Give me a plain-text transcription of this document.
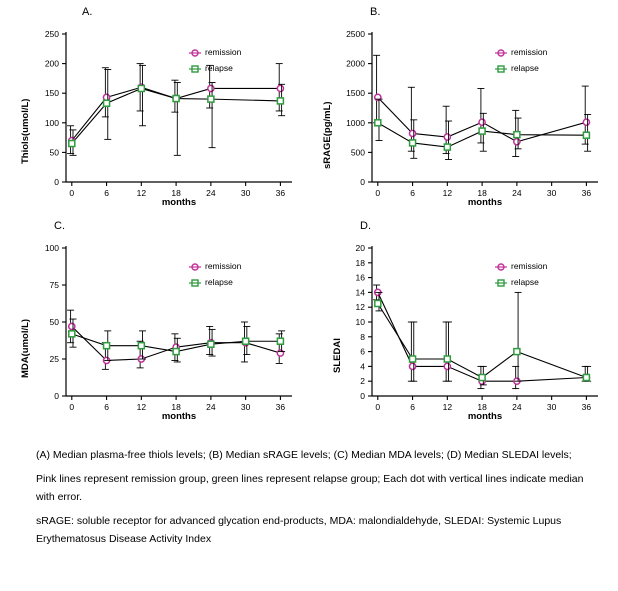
A.
0
50
100
150
200
250
0	6	12	18	24	30	36
remission
relapse
months
Thiols(umol/L)
B.
0
500
1000
1500
2000
2500
0	6	12	18	24	30	36
remission
relapse
months
sRAGE(pg/mL)
C.
0
25
50
75
100
0	6	12	18	24	30	36
remission
relapse
months
MDA(umol/L)
D.
0
2
4
6
8
10
12
14
16
18
20
0	6	12	18	24	30	36
remission
relapse
months
SLEDAI

(A) Median plasma-free thiols levels; (B) Median sRAGE levels; (C) Median MDA levels; (D) Median SLEDAI levels;

Pink lines represent remission group, green lines represent relapse group; Each dot with vertical lines indicate median with error.

sRAGE: soluble receptor for advanced glycation end-products, MDA: malondialdehyde, SLEDAI: Systemic Lupus Erythematosus Disease Activity Index
